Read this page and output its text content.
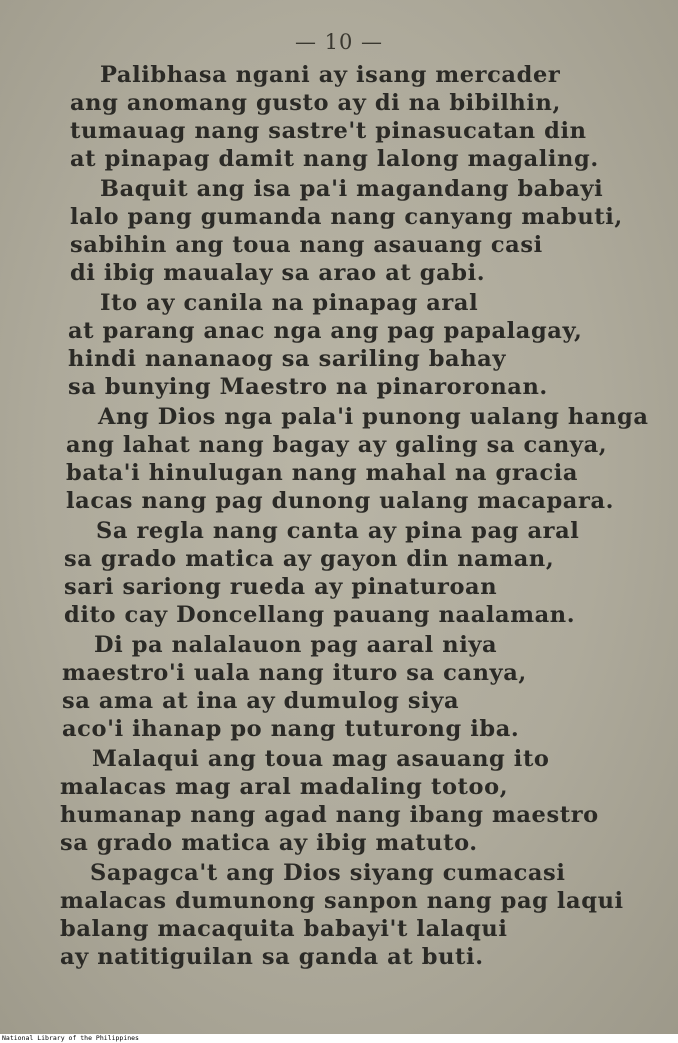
— 10 —
Palibhasa ngani ay isang mercader
ang anomang gusto ay di na bibilhin,
tumauag nang sastre't pinasucatan din
at pinapag damit nang lalong magaling.
Baquit ang isa pa'i magandang babayi
lalo pang gumanda nang canyang mabuti,
sabihin ang toua nang asauang casi
di ibig maualay sa arao at gabi.
Ito ay canila na pinapag aral
at parang anac nga ang pag papalagay,
hindi nananaog sa sariling bahay
sa bunying Maestro na pinaroronan.
Ang Dios nga pala'i punong ualang hanga
ang lahat nang bagay ay galing sa canya,
bata'i hinulugan nang mahal na gracia
lacas nang pag dunong ualang macapara.
Sa regla nang canta ay pina pag aral
sa grado matica ay gayon din naman,
sari sariong rueda ay pinaturoan
dito cay Doncellang pauang naalaman.
Di pa nalalauon pag aaral niya
maestro'i uala nang ituro sa canya,
sa ama at ina ay dumulog siya
aco'i ihanap po nang tuturong iba.
Malaqui ang toua mag asauang ito
malacas mag aral madaling totoo,
humanap nang agad nang ibang maestro
sa grado matica ay ibig matuto.
Sapagca't ang Dios siyang cumacasi
malacas dumunong sanpon nang pag laqui
balang macaquita babayi't lalaqui
ay natitiguilan sa ganda at buti.
National Library of the Philippines
